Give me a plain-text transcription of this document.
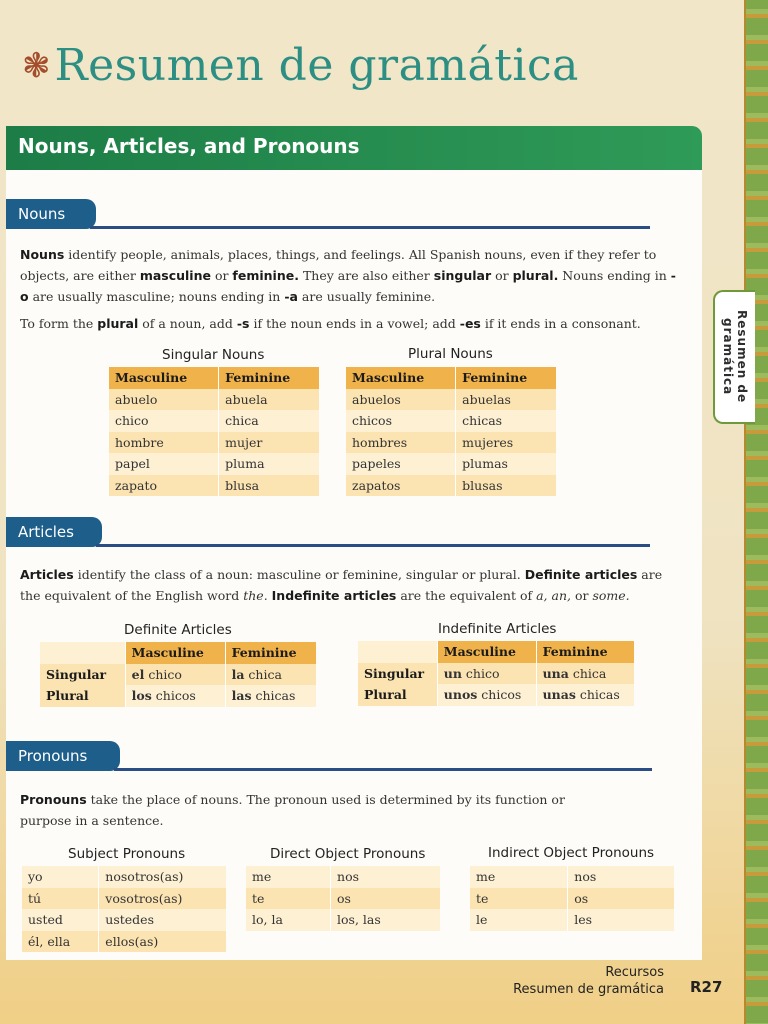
❃ Resumen de gramática
Nouns, Articles, and Pronouns
Resumen de gramática
Nouns
Nouns identify people, animals, places, things, and feelings. All Spanish nouns, even if they refer to objects, are either masculine or feminine. They are also either singular or plural. Nouns ending in -o are usually masculine; nouns ending in -a are usually feminine.
To form the plural of a noun, add -s if the noun ends in a vowel; add -es if it ends in a consonant.
Singular Nouns	Plural Nouns
Masculine	Feminine
abuelo	abuela
chico	chica
hombre	mujer
papel	pluma
zapato	blusa
Masculine	Feminine
abuelos	abuelas
chicos	chicas
hombres	mujeres
papeles	plumas
zapatos	blusas
Articles
Articles identify the class of a noun: masculine or feminine, singular or plural. Definite articles are the equivalent of the English word the. Indefinite articles are the equivalent of a, an, or some.
Definite Articles	Indefinite Articles
	Masculine	Feminine
Singular	el chico	la chica
Plural	los chicos	las chicas
	Masculine	Feminine
Singular	un chico	una chica
Plural	unos chicos	unas chicas
Pronouns
Pronouns take the place of nouns. The pronoun used is determined by its function or purpose in a sentence.
Subject Pronouns	Direct Object Pronouns	Indirect Object Pronouns
yo	nosotros(as)
tú	vosotros(as)
usted	ustedes
él, ella	ellos(as)
me	nos
te	os
lo, la	los, las
me	nos
te	os
le	les
Recursos
Resumen de gramática R27
